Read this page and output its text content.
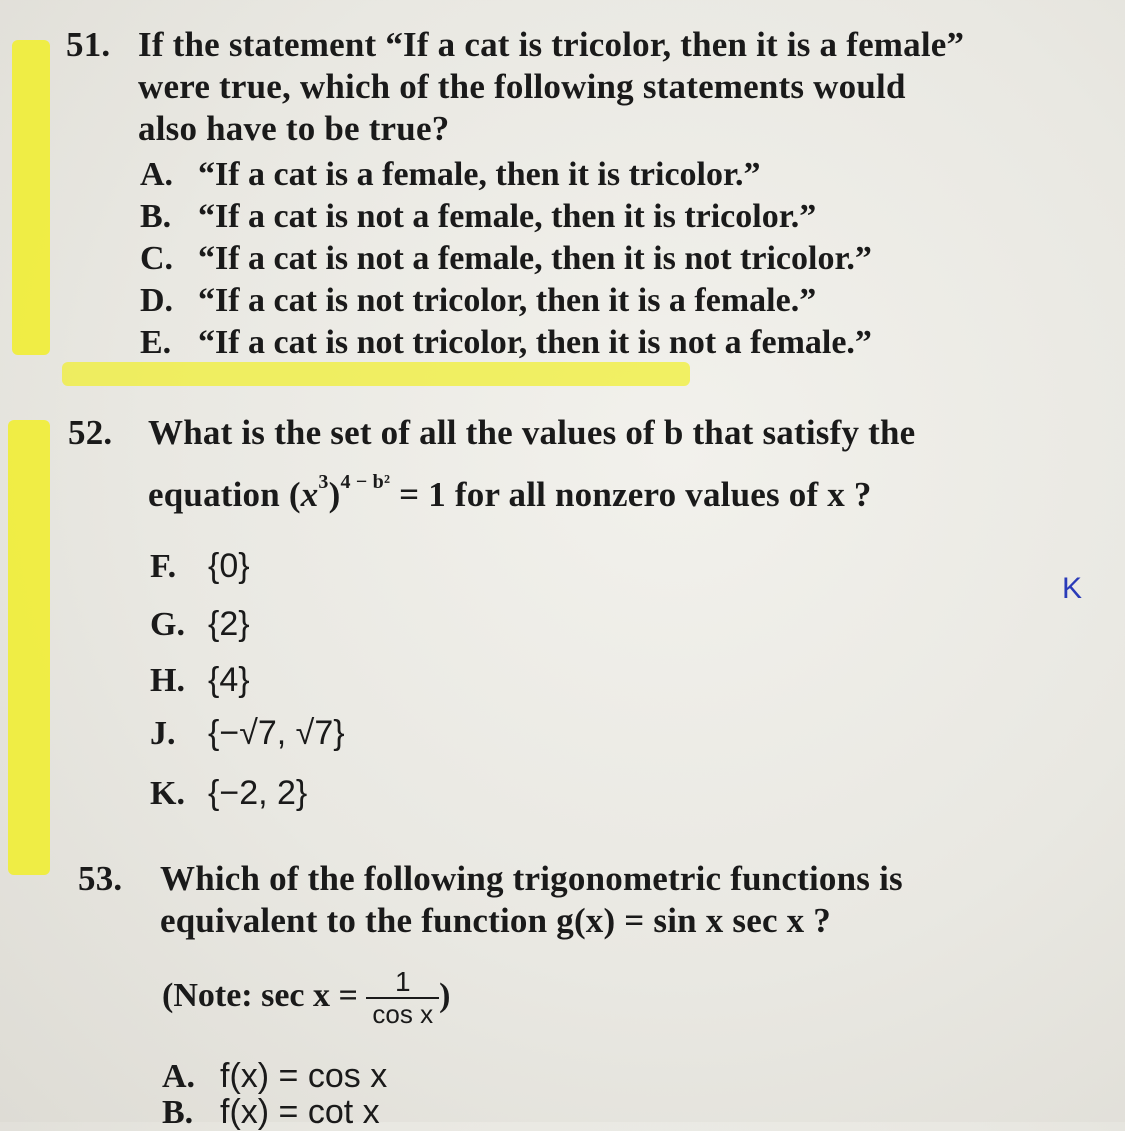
51. If the statement “If a cat is tricolor, then it is a female”
were true, which of the following statements would
also have to be true?
A. “If a cat is a female, then it is tricolor.”
B. “If a cat is not a female, then it is tricolor.”
C. “If a cat is not a female, then it is not tricolor.”
D. “If a cat is not tricolor, then it is a female.”
E. “If a cat is not tricolor, then it is not a female.”
52. What is the set of all the values of b that satisfy the
equation $(x^3)^{4 - b^2} = 1$ for all nonzero values of x ?
F. {0}
G. {2}
H. {4}
J. {−√7, √7}
K. {−2, 2}
K
53. Which of the following trigonometric functions is
equivalent to the function g(x) = sin x sec x ?
(Note: $\sec x = \frac{1}{\text{cos x}}$ )
A. f(x) = cos x
B. f(x) = cot x
